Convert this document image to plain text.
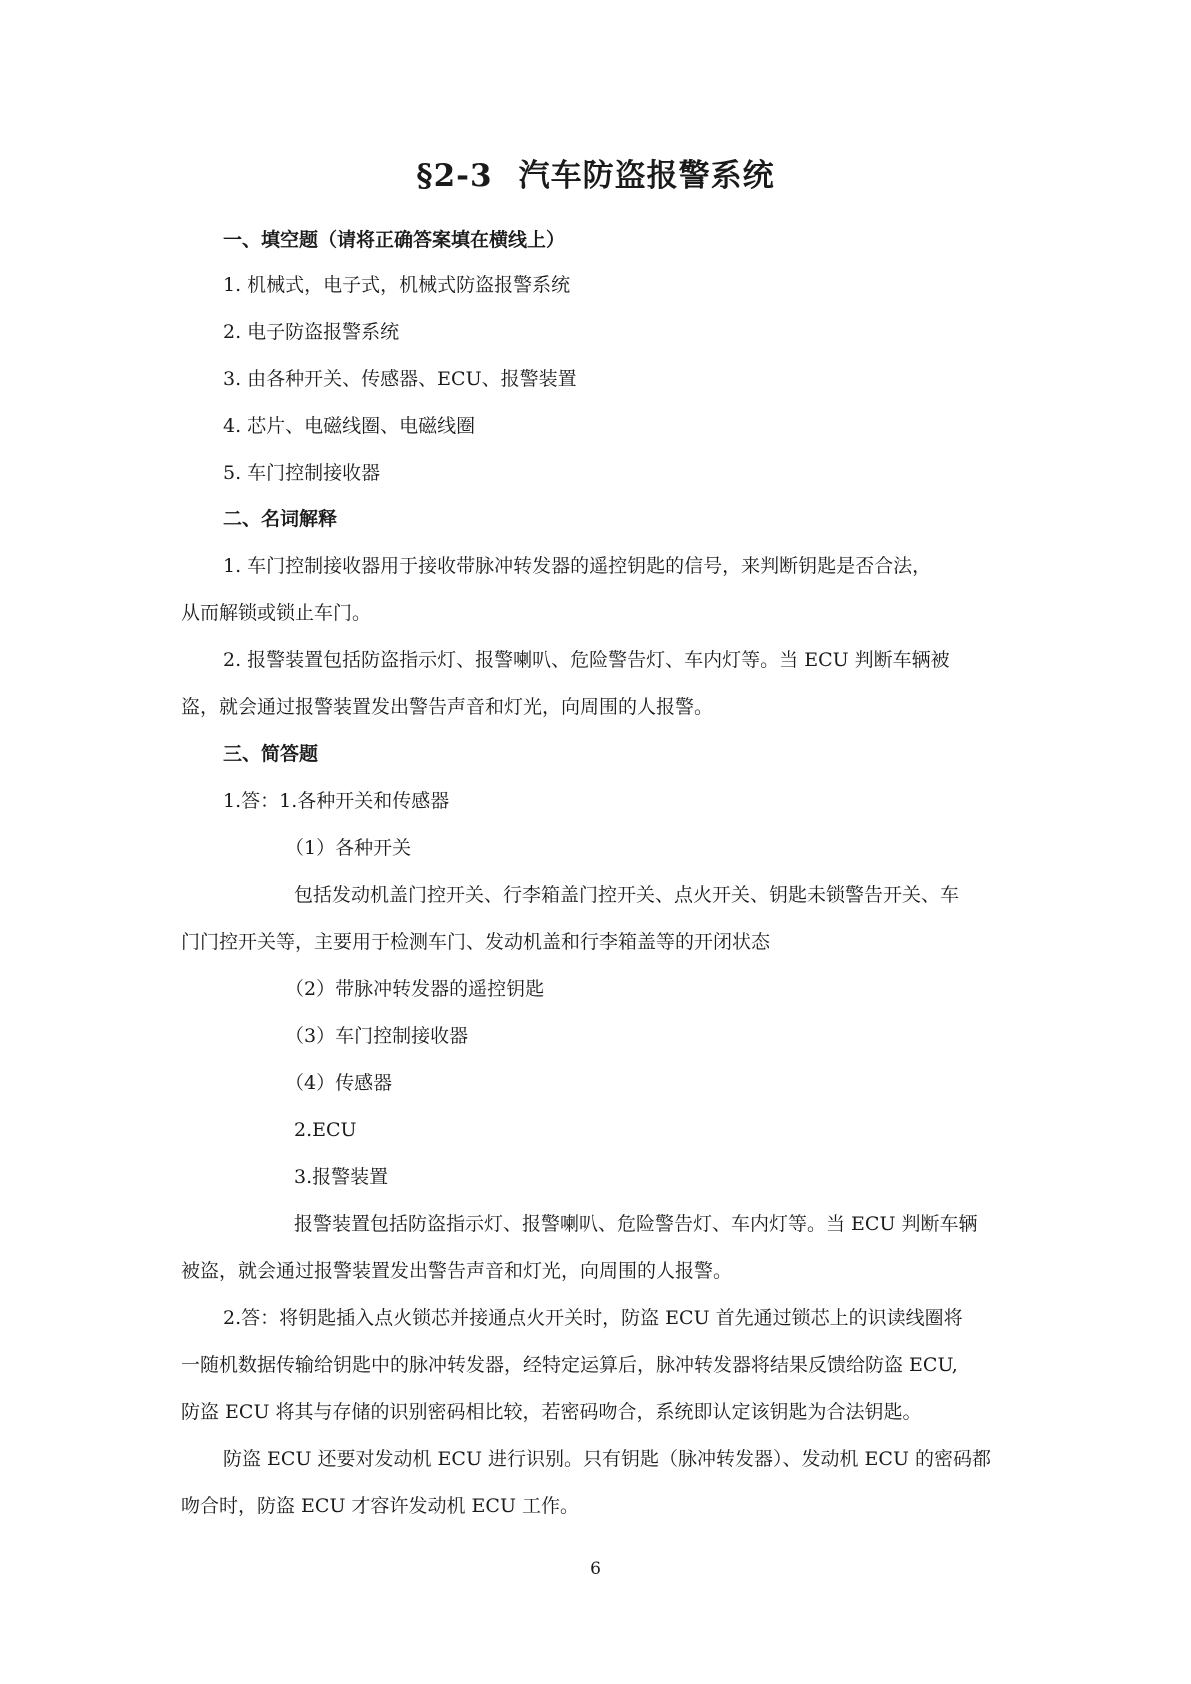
§2-3 汽车防盗报警系统
一、填空题（请将正确答案填在横线上）
1. 机械式，电子式，机械式防盗报警系统
2. 电子防盗报警系统
3. 由各种开关、传感器、ECU、报警装置
4. 芯片、电磁线圈、电磁线圈
5. 车门控制接收器
二、名词解释
1. 车门控制接收器用于接收带脉冲转发器的遥控钥匙的信号，来判断钥匙是否合法，
从而解锁或锁止车门。
2. 报警装置包括防盗指示灯、报警喇叭、危险警告灯、车内灯等。当 ECU 判断车辆被
盗，就会通过报警装置发出警告声音和灯光，向周围的人报警。
三、简答题
1.答：1.各种开关和传感器
（1）各种开关
包括发动机盖门控开关、行李箱盖门控开关、点火开关、钥匙未锁警告开关、车
门门控开关等，主要用于检测车门、发动机盖和行李箱盖等的开闭状态
（2）带脉冲转发器的遥控钥匙
（3）车门控制接收器
（4）传感器
2.ECU
3.报警装置
报警装置包括防盗指示灯、报警喇叭、危险警告灯、车内灯等。当 ECU 判断车辆
被盗，就会通过报警装置发出警告声音和灯光，向周围的人报警。
2.答：将钥匙插入点火锁芯并接通点火开关时，防盗 ECU 首先通过锁芯上的识读线圈将
一随机数据传输给钥匙中的脉冲转发器，经特定运算后，脉冲转发器将结果反馈给防盗 ECU,
防盗 ECU 将其与存储的识别密码相比较，若密码吻合，系统即认定该钥匙为合法钥匙。
防盗 ECU 还要对发动机 ECU 进行识别。只有钥匙（脉冲转发器）、发动机 ECU 的密码都
吻合时，防盗 ECU 才容许发动机 ECU 工作。
6
